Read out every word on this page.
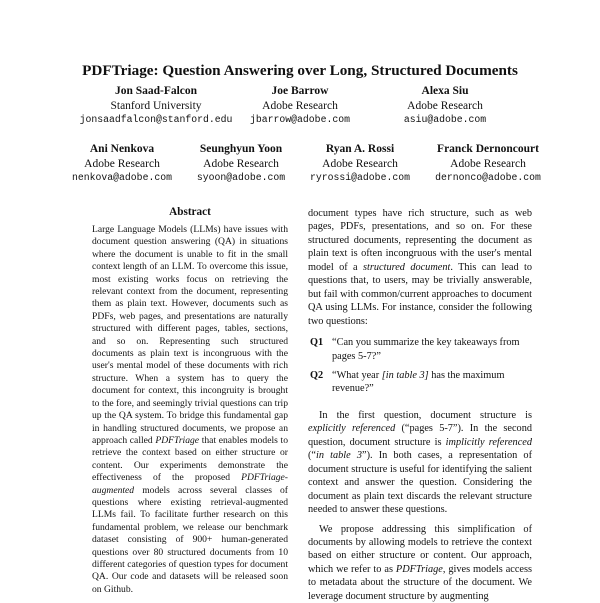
PDFTriage: Question Answering over Long, Structured Documents
Jon Saad-Falcon
Stanford University
jonsaadfalcon@stanford.edu
Joe Barrow
Adobe Research
jbarrow@adobe.com
Alexa Siu
Adobe Research
asiu@adobe.com
Ani Nenkova
Adobe Research
nenkova@adobe.com
Seunghyun Yoon
Adobe Research
syoon@adobe.com
Ryan A. Rossi
Adobe Research
ryrossi@adobe.com
Franck Dernoncourt
Adobe Research
dernonco@adobe.com
Abstract

Large Language Models (LLMs) have issues with document question answering (QA) in situations where the document is unable to fit in the small context length of an LLM. To overcome this issue, most existing works focus on retrieving the relevant context from the document, representing them as plain text. However, documents such as PDFs, web pages, and presentations are naturally structured with different pages, tables, sections, and so on. Representing such structured documents as plain text is incongruous with the user's mental model of these documents with rich structure. When a system has to query the document for context, this incongruity is brought to the fore, and seemingly trivial questions can trip up the QA system. To bridge this fundamental gap in handling structured documents, we propose an approach called PDFTriage that enables models to retrieve the context based on either structure or content. Our experiments demonstrate the effectiveness of the proposed PDFTriage-augmented models across several classes of questions where existing retrieval-augmented LLMs fail. To facilitate further research on this fundamental problem, we release our benchmark dataset consisting of 900+ human-generated questions over 80 structured documents from 10 different categories of question types for document QA. Our code and datasets will be released soon on Github.

document types have rich structure, such as web pages, PDFs, presentations, and so on. For these structured documents, representing the document as plain text is often incongruous with the user's mental model of a structured document. This can lead to questions that, to users, may be trivially answerable, but fail with common/current approaches to document QA using LLMs. For instance, consider the following two questions:

Q1 “Can you summarize the key takeaways from pages 5-7?”
Q2 “What year [in table 3] has the maximum revenue?”

In the first question, document structure is explicitly referenced (“pages 5-7”). In the second question, document structure is implicitly referenced (“in table 3”). In both cases, a representation of document structure is useful for identifying the salient context and answer the question. Considering the document as plain text discards the relevant structure needed to answer these questions.

We propose addressing this simplification of documents by allowing models to retrieve the context based on either structure or content. Our approach, which we refer to as PDFTriage, gives models access to metadata about the structure of the document. We leverage document structure by augmenting
